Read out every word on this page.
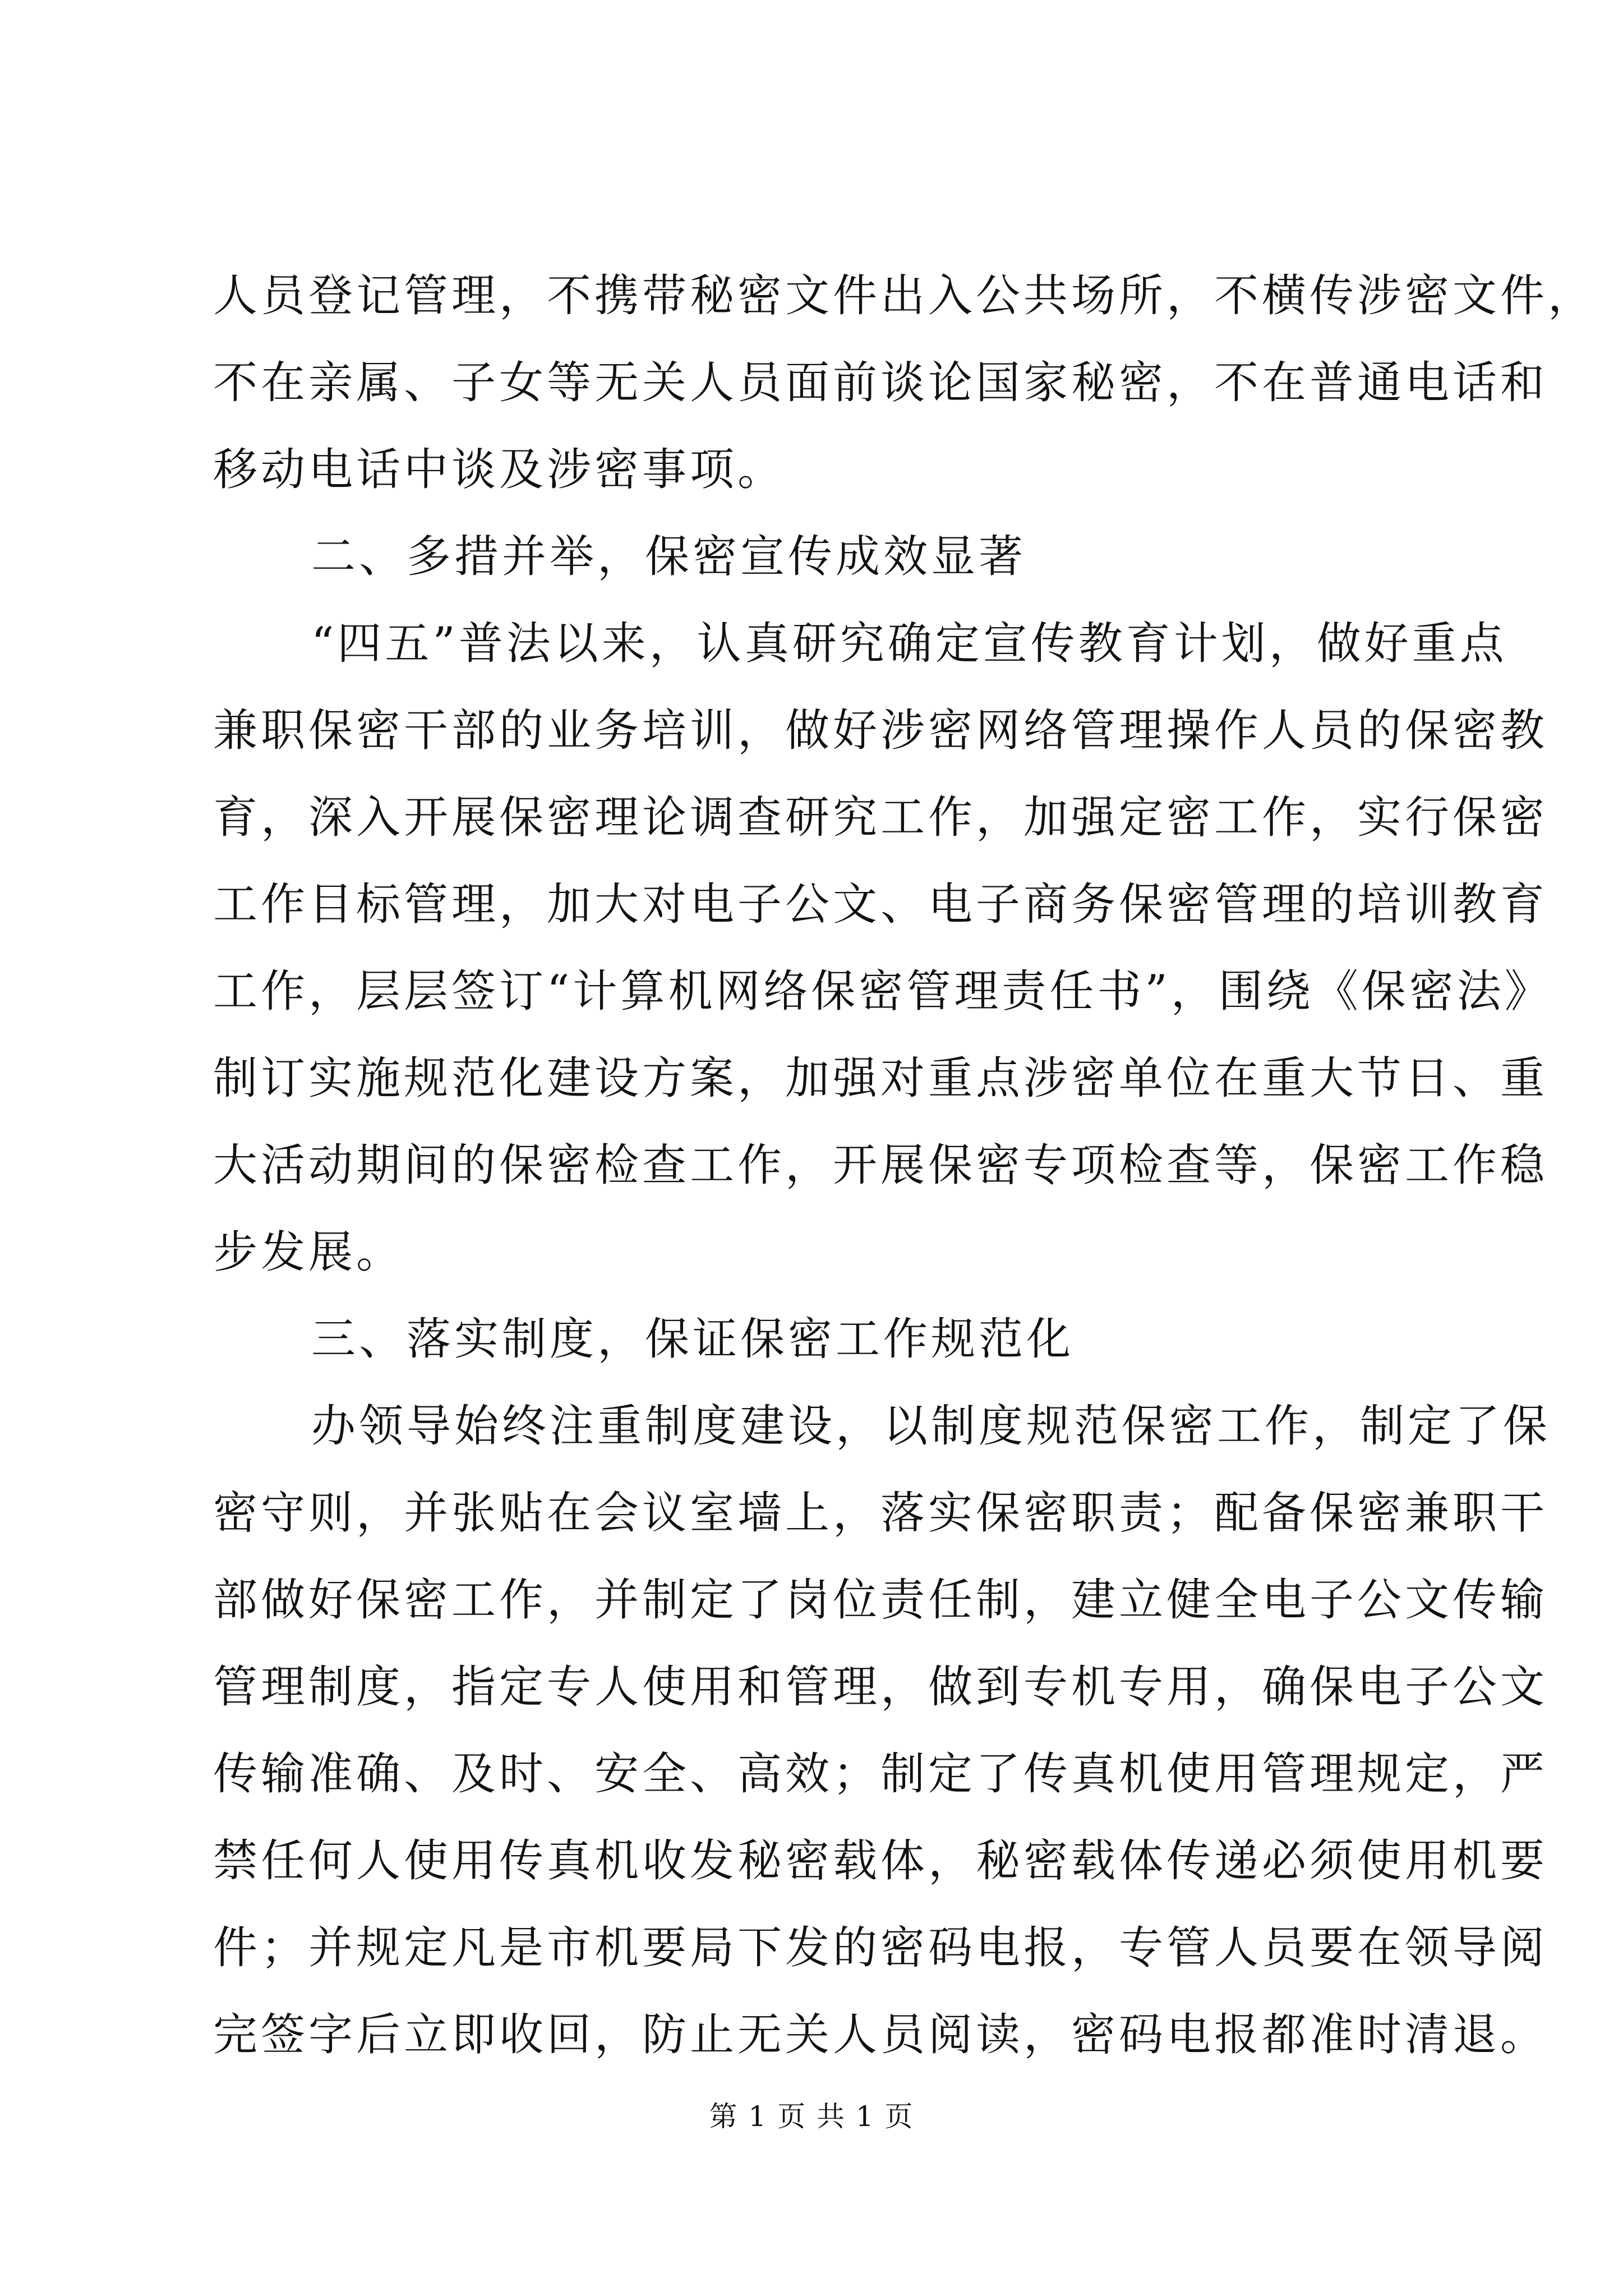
人员登记管理，不携带秘密文件出入公共场所，不横传涉密文件，
不在亲属、子女等无关人员面前谈论国家秘密，不在普通电话和
移动电话中谈及涉密事项。
二、多措并举，保密宣传成效显著
“四五”普法以来，认真研究确定宣传教育计划，做好重点
兼职保密干部的业务培训，做好涉密网络管理操作人员的保密教
育，深入开展保密理论调查研究工作，加强定密工作，实行保密
工作目标管理，加大对电子公文、电子商务保密管理的培训教育
工作，层层签订“计算机网络保密管理责任书”，围绕《保密法》
制订实施规范化建设方案，加强对重点涉密单位在重大节日、重
大活动期间的保密检查工作，开展保密专项检查等，保密工作稳
步发展。
三、落实制度，保证保密工作规范化
办领导始终注重制度建设，以制度规范保密工作，制定了保
密守则，并张贴在会议室墙上，落实保密职责；配备保密兼职干
部做好保密工作，并制定了岗位责任制，建立健全电子公文传输
管理制度，指定专人使用和管理，做到专机专用，确保电子公文
传输准确、及时、安全、高效；制定了传真机使用管理规定，严
禁任何人使用传真机收发秘密载体，秘密载体传递必须使用机要
件；并规定凡是市机要局下发的密码电报，专管人员要在领导阅
完签字后立即收回，防止无关人员阅读，密码电报都准时清退。
第 1 页 共 1 页
